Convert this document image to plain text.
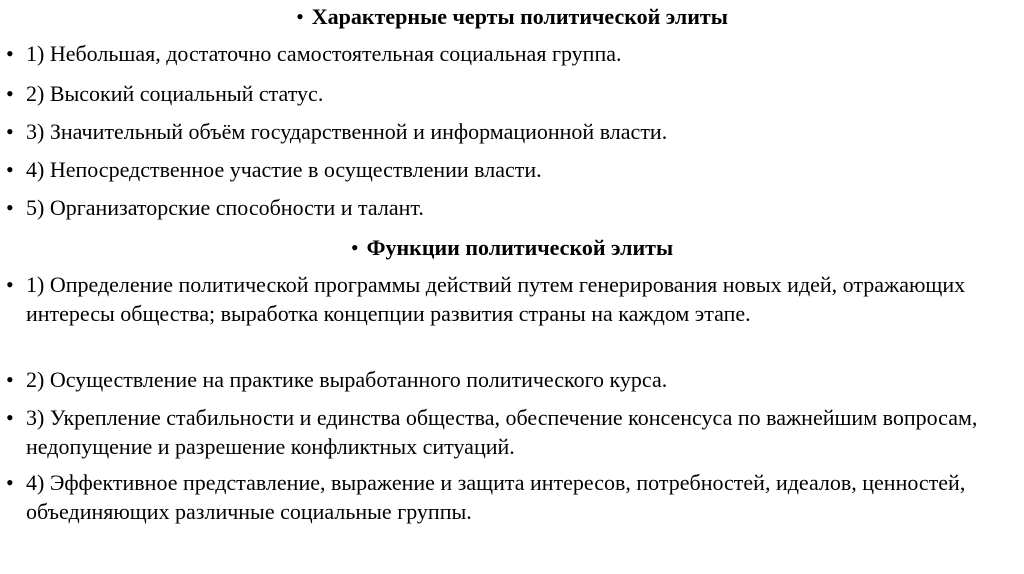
• Характерные черты политической элиты
• 1) Небольшая, достаточно самостоятельная социальная группа.
• 2) Высокий социальный статус.
• 3) Значительный объём государственной и информационной власти.
• 4) Непосредственное участие в осуществлении власти.
• 5) Организаторские способности и талант.
• Функции политической элиты
• 1) Определение политической программы действий путем генерирования новых идей, отражающих интересы общества; выработка концепции развития страны на каждом этапе.
• 2) Осуществление на практике выработанного политического курса.
• 3) Укрепление стабильности и единства общества, обеспечение консенсуса по важнейшим вопросам, недопущение и разрешение конфликтных ситуаций.
• 4) Эффективное представление, выражение и защита интересов, потребностей, идеалов, ценностей, объединяющих различные социальные группы.
